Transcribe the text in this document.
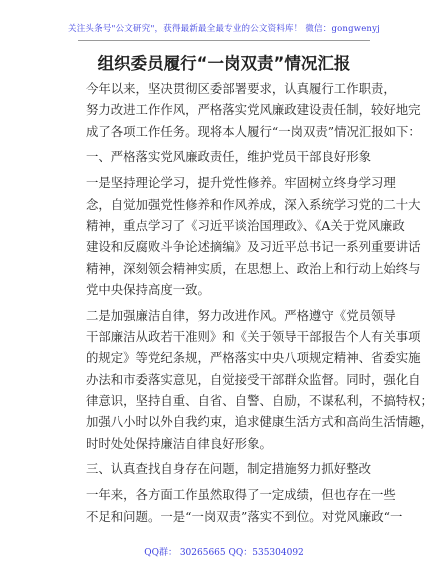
关注头条号"公文研究"，获得最新最全最专业的公文资料库！ 微信：gongwenyj
组织委员履行“一岗双责”情况汇报
今年以来，坚决贯彻区委部署要求，认真履行工作职责，
努力改进工作作风，严格落实党风廉政建设责任制，较好地完
成了各项工作任务。现将本人履行“一岗双责”情况汇报如下：
一、严格落实党风廉政责任，维护党员干部良好形象
一是坚持理论学习，提升党性修养。牢固树立终身学习理
念，自觉加强党性修养和作风养成，深入系统学习党的二十大
精神，重点学习了《习近平谈治国理政》、《A关于党风廉政
建设和反腐败斗争论述摘编》及习近平总书记一系列重要讲话
精神，深刻领会精神实质，在思想上、政治上和行动上始终与
党中央保持高度一致。
二是加强廉洁自律，努力改进作风。严格遵守《党员领导
干部廉洁从政若干准则》和《关于领导干部报告个人有关事项
的规定》等党纪条规，严格落实中央八项规定精神、省委实施
办法和市委落实意见，自觉接受干部群众监督。同时，强化自
律意识，坚持自重、自省、自警、自励，不谋私利，不搞特权；
加强八小时以外自我约束，追求健康生活方式和高尚生活情趣，
时时处处保持廉洁自律良好形象。
三、认真查找自身存在问题，制定措施努力抓好整改
一年来，各方面工作虽然取得了一定成绩，但也存在一些
不足和问题。一是“一岗双责”落实不到位。对党风廉政“一
QQ群： 30265665 QQ：535304092
